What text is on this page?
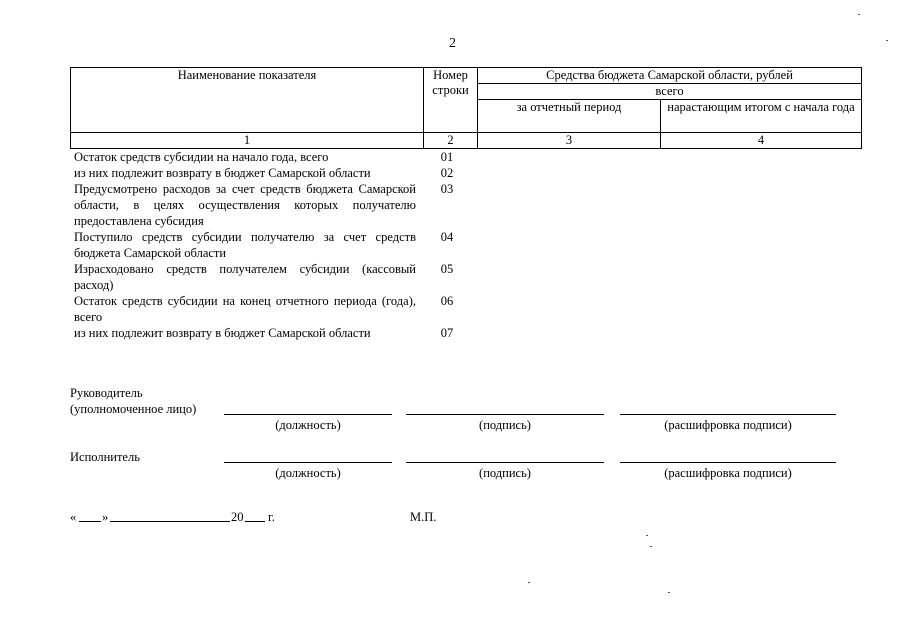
2
Наименование показателя	Номер строки	Средства бюджета Самарской области, рублей	
		всего	
		за отчетный период	нарастающим итогом с начала года
1	2	3	4
Остаток средств субсидии на начало года, всего	01
из них подлежит возврату в бюджет Самарской области	02
Предусмотрено расходов за счет средств бюджета Самарской области, в целях осуществления которых получателю предоставлена субсидия	03
Поступило средств субсидии получателю за счет средств бюджета Самарской области	04
Израсходовано средств получателем субсидии (кассовый расход)	05
Остаток средств субсидии на конец отчетного периода (года), всего	06
из них подлежит возврату в бюджет Самарской области	07
Руководитель
(уполномоченное лицо)
(должность)	(подпись)	(расшифровка подписи)
Исполнитель
(должность)	(подпись)	(расшифровка подписи)
« »	20 г.	М.П.
